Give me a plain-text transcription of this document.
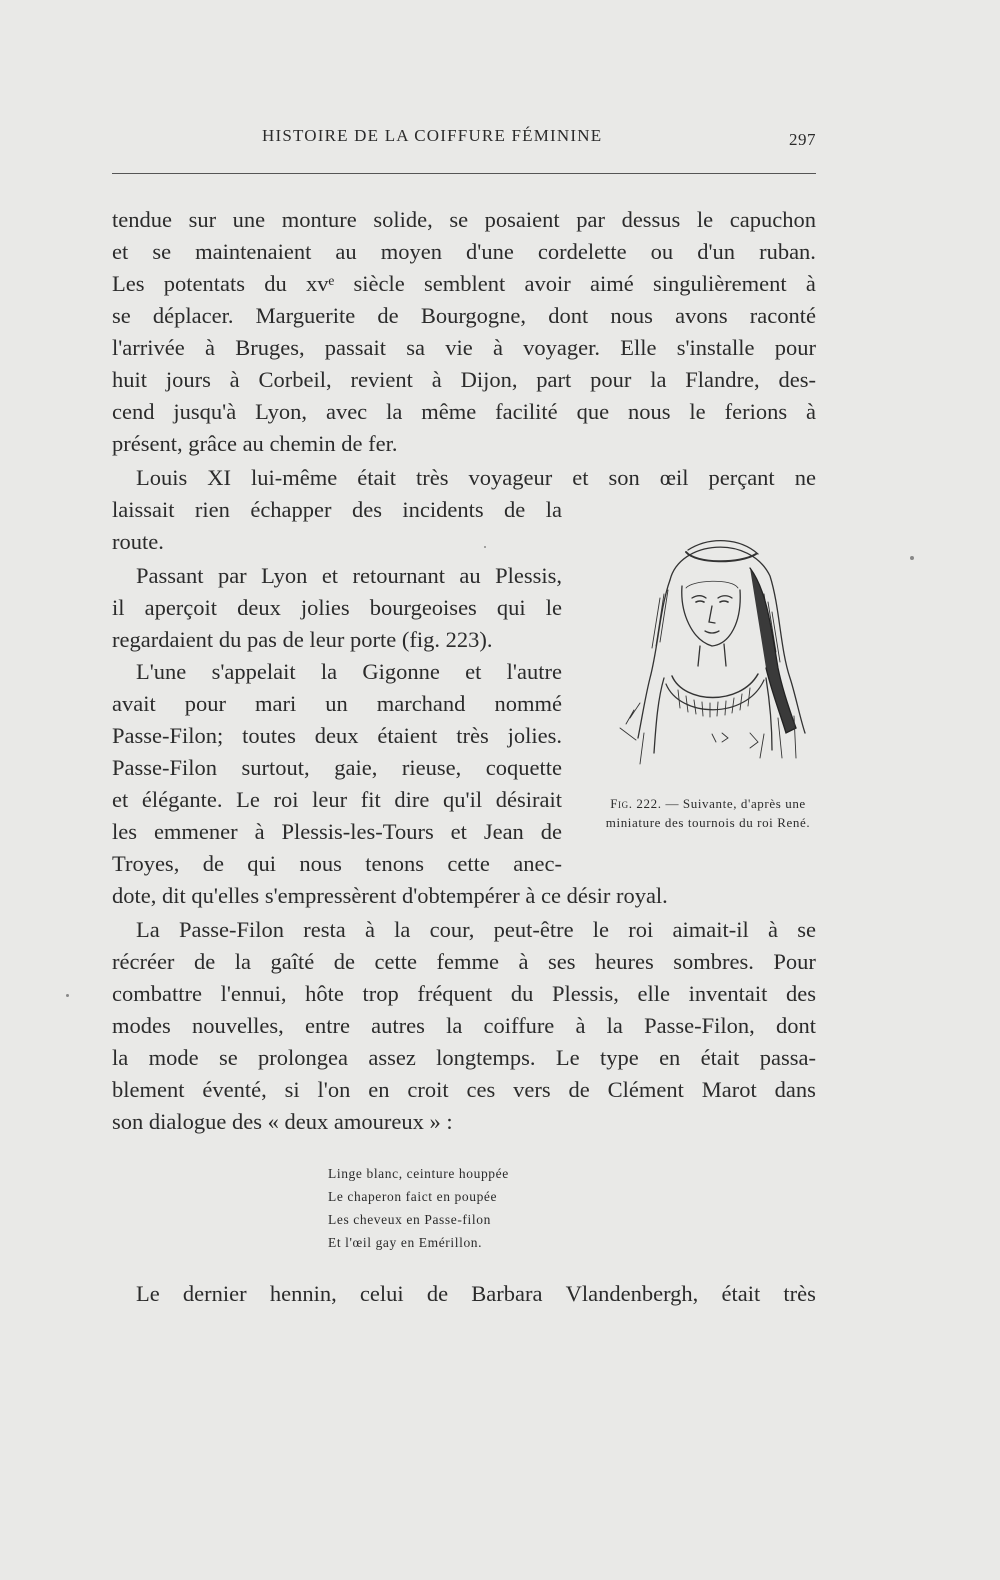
HISTOIRE DE LA COIFFURE FÉMININE	297
tendue sur une monture solide, se posaient par dessus le capuchon
et se maintenaient au moyen d'une cordelette ou d'un ruban.
Les potentats du xvᵉ siècle semblent avoir aimé singulièrement à
se déplacer. Marguerite de Bourgogne, dont nous avons raconté
l'arrivée à Bruges, passait sa vie à voyager. Elle s'installe pour
huit jours à Corbeil, revient à Dijon, part pour la Flandre, des-
cend jusqu'à Lyon, avec la même facilité que nous le ferions à
présent,
grâce
au
chemin
de
fer.

Louis XI lui-même était très voyageur et son œil perçant ne
laissait rien échapper des incidents de la
route.

Passant par Lyon et retournant au Plessis,
il aperçoit deux jolies bourgeoises qui le
regardaient
du
pas
de
leur
porte
(fig.
223).

L'une s'appelait la Gigonne et l'autre
avait pour mari un marchand nommé
Passe-Filon; toutes deux étaient très jolies.
Passe-Filon surtout, gaie, rieuse, coquette
et élégante. Le roi leur fit dire qu'il désirait
les emmener à Plessis-les-Tours et Jean de
Troyes, de qui nous tenons cette anec-
dote,
dit
qu'elles
s'empressèrent
d'obtempérer
à
ce
désir
royal.

La Passe-Filon resta à la cour, peut-être le roi aimait-il à se
récréer de la gaîté de cette femme à ses heures sombres. Pour
combattre l'ennui, hôte trop fréquent du Plessis, elle inventait des
modes nouvelles, entre autres la coiffure à la Passe-Filon, dont
la mode se prolongea assez longtemps. Le type en était passa-
blement éventé, si l'on en croit ces vers de Clément Marot dans
son
dialogue
des
«
deux
amoureux
»
:

Le dernier hennin, celui de Barbara Vlandenbergh, était très
Fig. 222. — Suivante, d'après une miniature des tournois du roi René.
Linge blanc, ceinture houppée
Le chaperon faict en poupée
Les cheveux en Passe-filon
Et l'œil gay en Emérillon.
